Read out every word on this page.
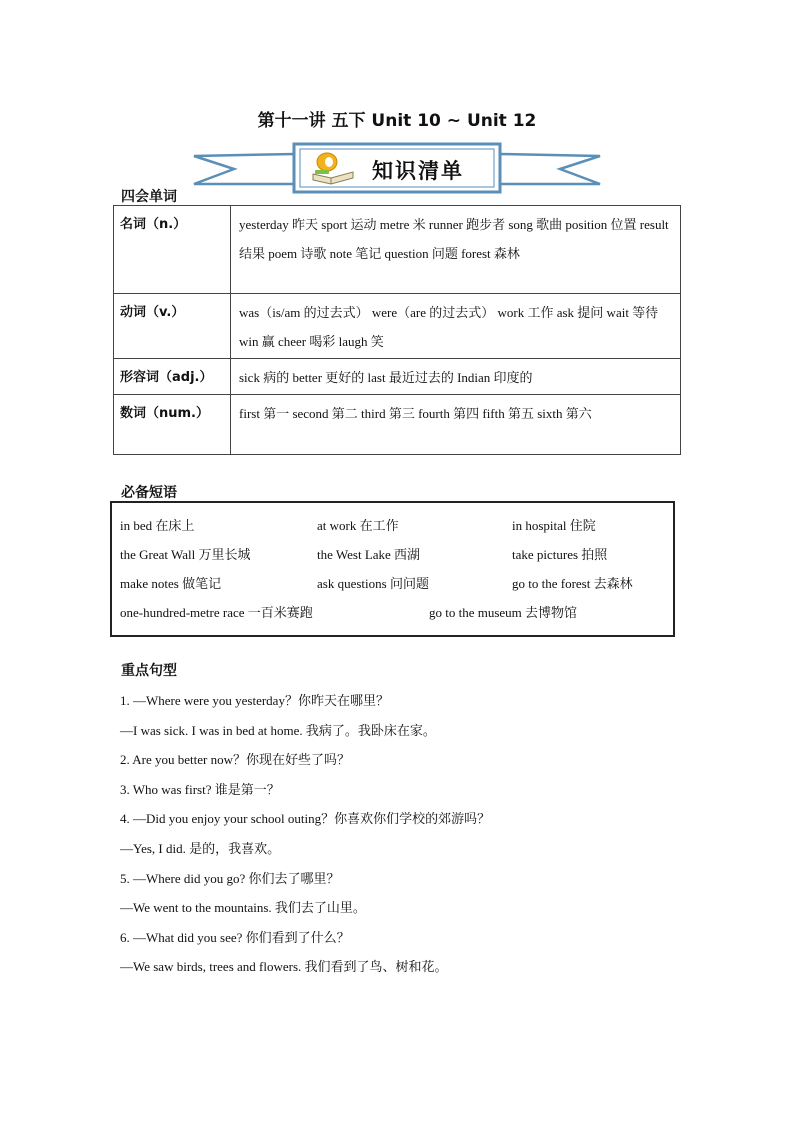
第十一讲 五下 Unit 10 ~ Unit 12
知识清单
四会单词
名词（n.）	yesterday 昨天 sport 运动 metre 米 runner 跑步者 song 歌曲 position 位置 result 结果 poem 诗歌 note 笔记 question 问题 forest 森林
动词（v.）	was（is/am 的过去式） were（are 的过去式） work 工作 ask 提问 wait 等待 win 赢 cheer 喝彩 laugh 笑
形容词（adj.）	sick 病的 better 更好的 last 最近过去的 Indian 印度的
数词（num.）	first 第一 second 第二 third 第三 fourth 第四 fifth 第五 sixth 第六
必备短语
in bed 在床上	at work 在工作	in hospital 住院
the Great Wall 万里长城	the West Lake 西湖	take pictures 拍照
make notes 做笔记	ask questions 问问题	go to the forest 去森林
one-hundred-metre race 一百米赛跑	go to the museum 去博物馆
重点句型
1. —Where were you yesterday？你昨天在哪里？
—I was sick. I was in bed at home. 我病了。我卧床在家。
2. Are you better now？你现在好些了吗？
3. Who was first? 谁是第一？
4. —Did you enjoy your school outing？你喜欢你们学校的郊游吗？
—Yes, I did. 是的，我喜欢。
5. —Where did you go? 你们去了哪里？
—We went to the mountains. 我们去了山里。
6. —What did you see? 你们看到了什么？
—We saw birds, trees and flowers. 我们看到了鸟、树和花。
